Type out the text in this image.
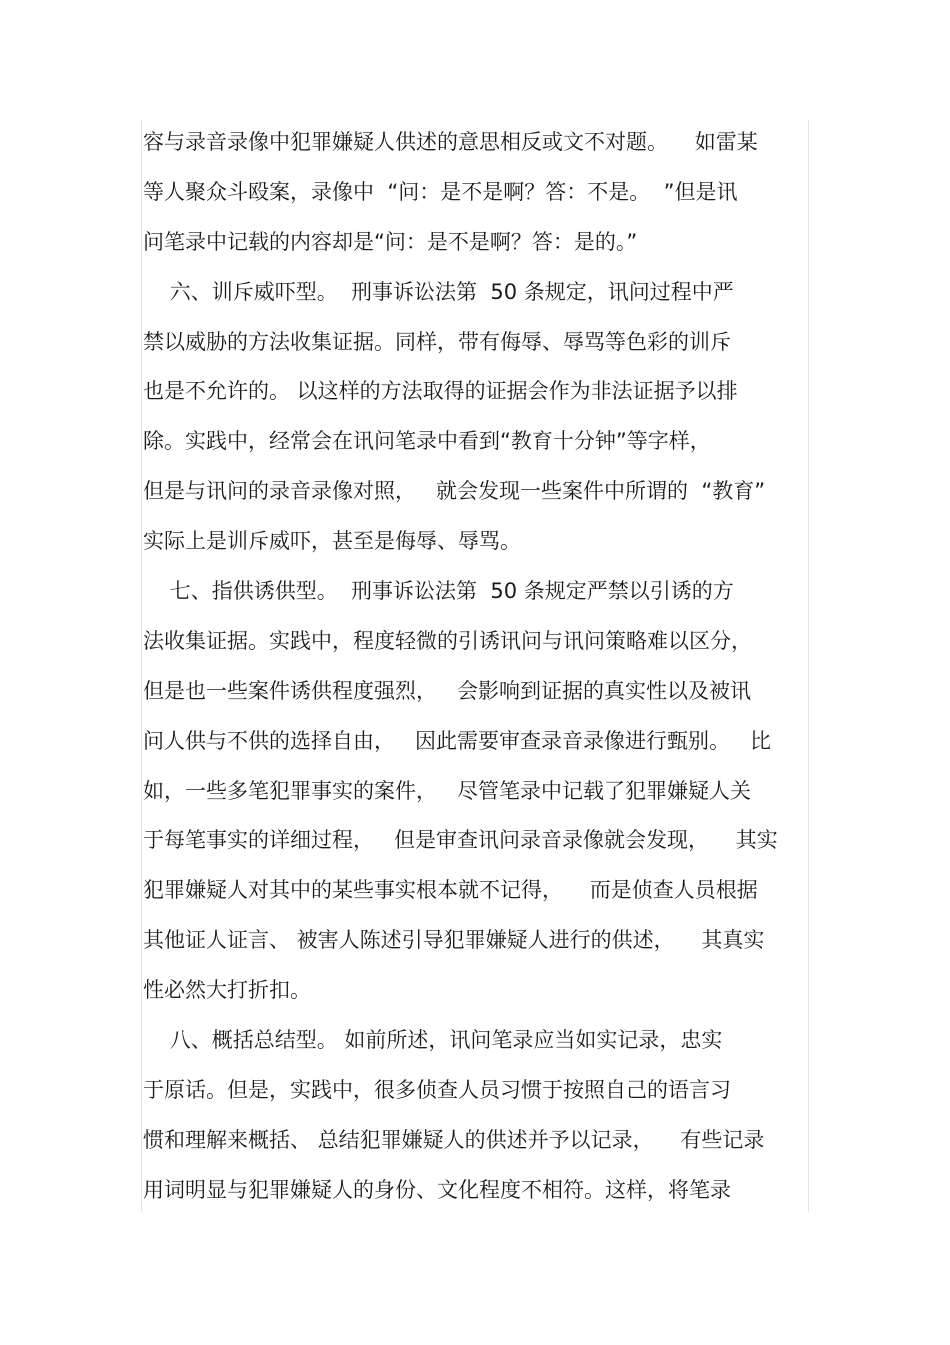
容与录音录像中犯罪嫌疑人供述的意思相反或文不对题。    如雷某
等人聚众斗殴案，录像中  “问：是不是啊？答：不是。  ”但是讯
问笔录中记载的内容却是“问：是不是啊？答：是的。”
六、训斥威吓型。  刑事诉讼法第  50 条规定，讯问过程中严
禁以威胁的方法收集证据。同样，带有侮辱、辱骂等色彩的训斥
也是不允许的。 以这样的方法取得的证据会作为非法证据予以排
除。实践中，经常会在讯问笔录中看到“教育十分钟”等字样，
但是与讯问的录音录像对照，   就会发现一些案件中所谓的  “教育”
实际上是训斥威吓，甚至是侮辱、辱骂。
七、指供诱供型。  刑事诉讼法第  50 条规定严禁以引诱的方
法收集证据。实践中，程度轻微的引诱讯问与讯问策略难以区分，
但是也一些案件诱供程度强烈，   会影响到证据的真实性以及被讯
问人供与不供的选择自由，   因此需要审查录音录像进行甄别。   比
如，一些多笔犯罪事实的案件，   尽管笔录中记载了犯罪嫌疑人关
于每笔事实的详细过程，   但是审查讯问录音录像就会发现，    其实
犯罪嫌疑人对其中的某些事实根本就不记得，    而是侦查人员根据
其他证人证言、 被害人陈述引导犯罪嫌疑人进行的供述，    其真实
性必然大打折扣。
八、概括总结型。 如前所述，讯问笔录应当如实记录，忠实
于原话。但是，实践中，很多侦查人员习惯于按照自己的语言习
惯和理解来概括、 总结犯罪嫌疑人的供述并予以记录，    有些记录
用词明显与犯罪嫌疑人的身份、文化程度不相符。这样，将笔录
